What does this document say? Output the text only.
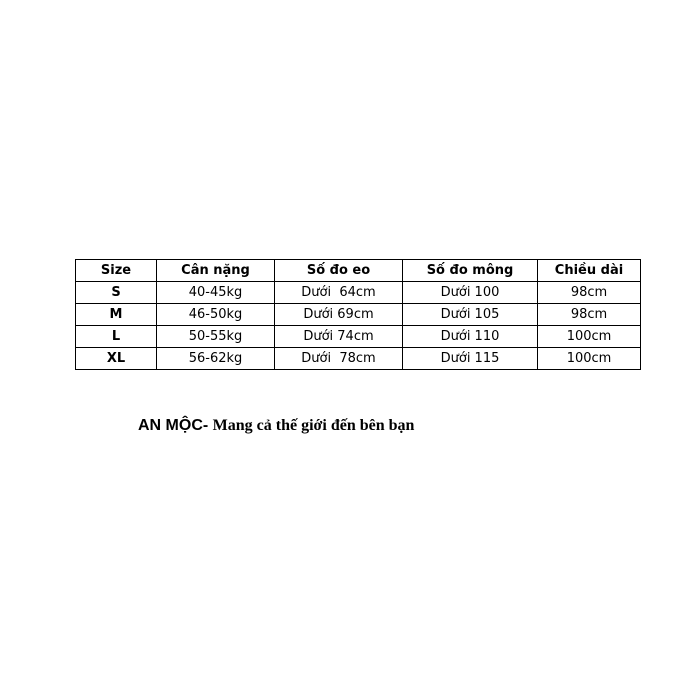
Size	Cân nặng	Số đo eo	Số đo mông	Chiều dài
S	40-45kg	Dưới  64cm	Dưới 100	98cm
M	46-50kg	Dưới 69cm	Dưới 105	98cm
L	50-55kg	Dưới 74cm	Dưới 110	100cm
XL	56-62kg	Dưới  78cm	Dưới 115	100cm
AN MỘC- Mang cả thế giới đến bên bạn
